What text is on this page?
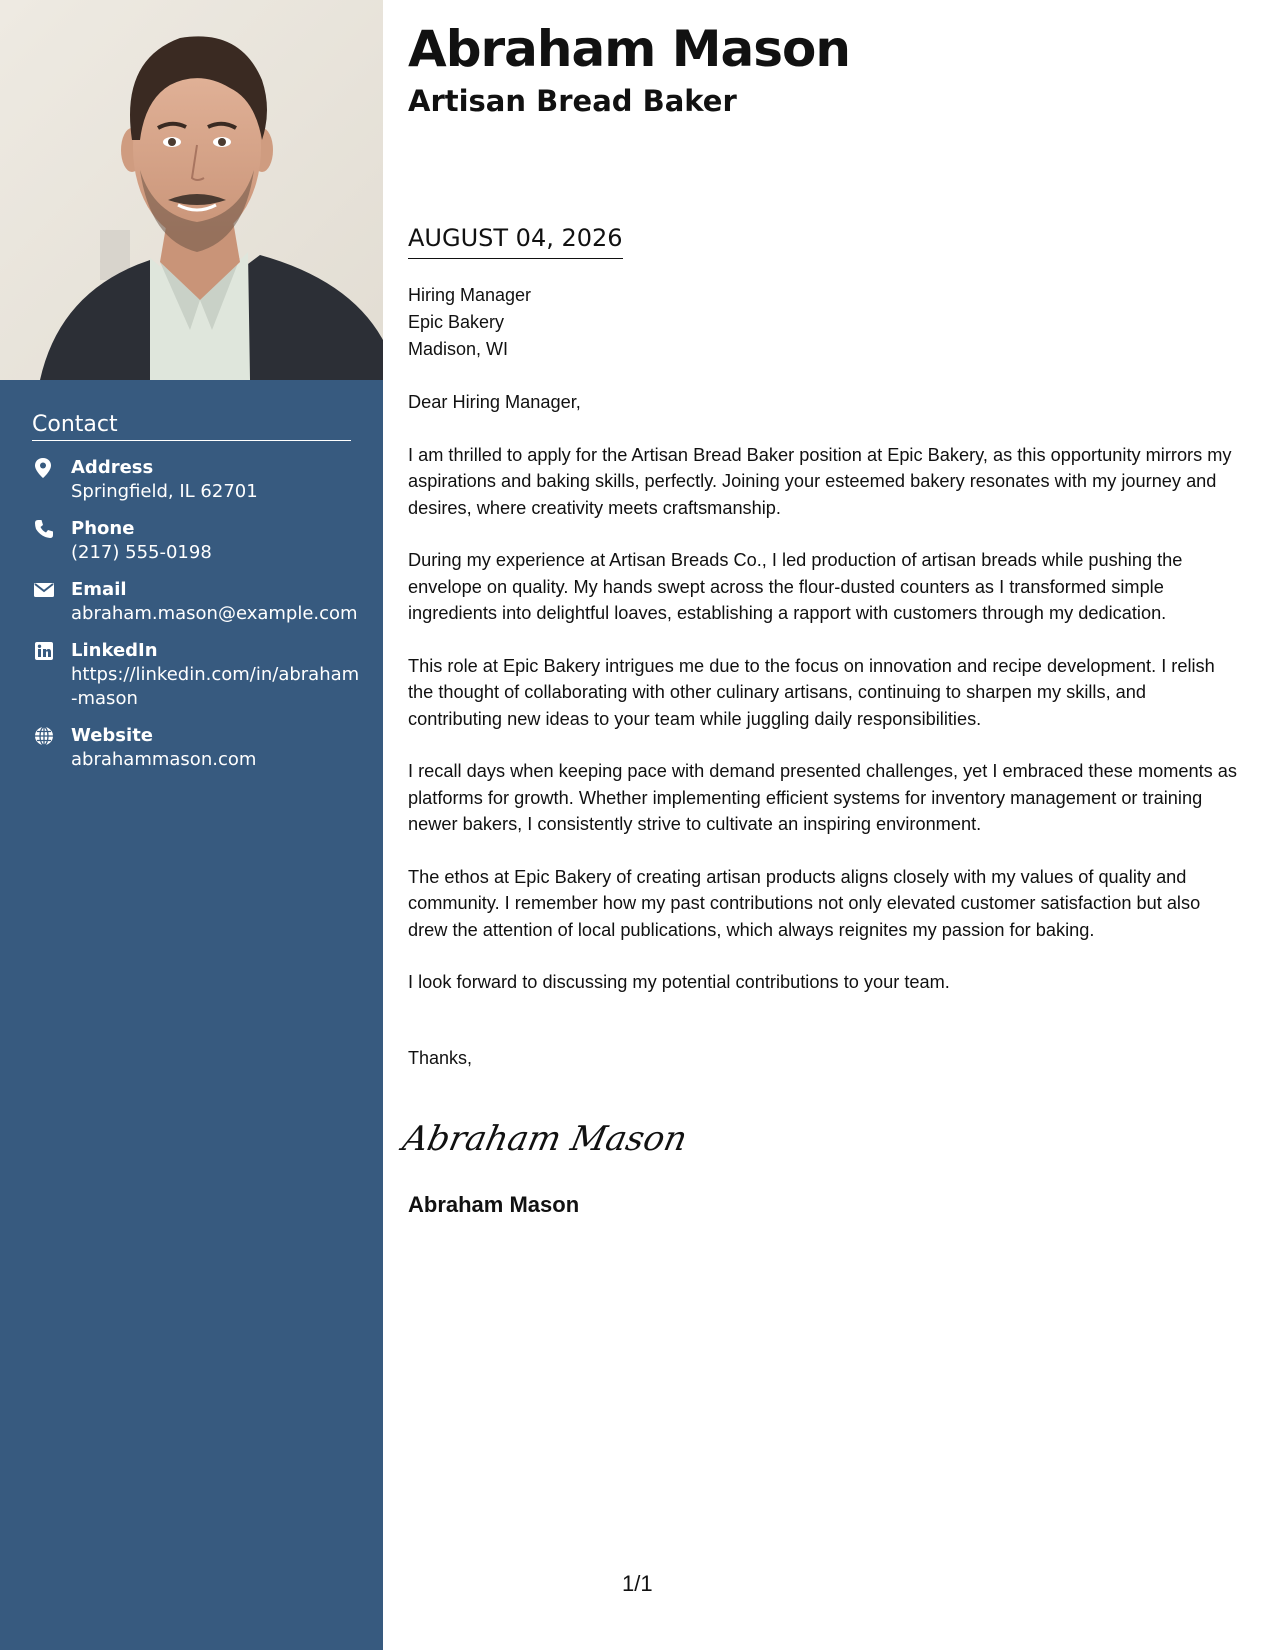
Contact
Address
Springfield, IL 62701
Phone
(217) 555-0198
Email
abraham.mason@example.com
LinkedIn
https://linkedin.com/in/abraham-mason
Website
abrahammason.com
Abraham Mason
Artisan Bread Baker
AUGUST 04, 2026
Hiring Manager
Epic Bakery
Madison, WI

Dear Hiring Manager,

I am thrilled to apply for the Artisan Bread Baker position at Epic Bakery, as this opportunity mirrors my aspirations and baking skills, perfectly. Joining your esteemed bakery resonates with my journey and desires, where creativity meets craftsmanship.

During my experience at Artisan Breads Co., I led production of artisan breads while pushing the envelope on quality. My hands swept across the flour-dusted counters as I transformed simple ingredients into delightful loaves, establishing a rapport with customers through my dedication.

This role at Epic Bakery intrigues me due to the focus on innovation and recipe development. I relish the thought of collaborating with other culinary artisans, continuing to sharpen my skills, and contributing new ideas to your team while juggling daily responsibilities.

I recall days when keeping pace with demand presented challenges, yet I embraced these moments as platforms for growth. Whether implementing efficient systems for inventory management or training newer bakers, I consistently strive to cultivate an inspiring environment.

The ethos at Epic Bakery of creating artisan products aligns closely with my values of quality and community. I remember how my past contributions not only elevated customer satisfaction but also drew the attention of local publications, which always reignites my passion for baking.

I look forward to discussing my potential contributions to your team.

Thanks,
Abraham Mason
Abraham Mason
1/1
